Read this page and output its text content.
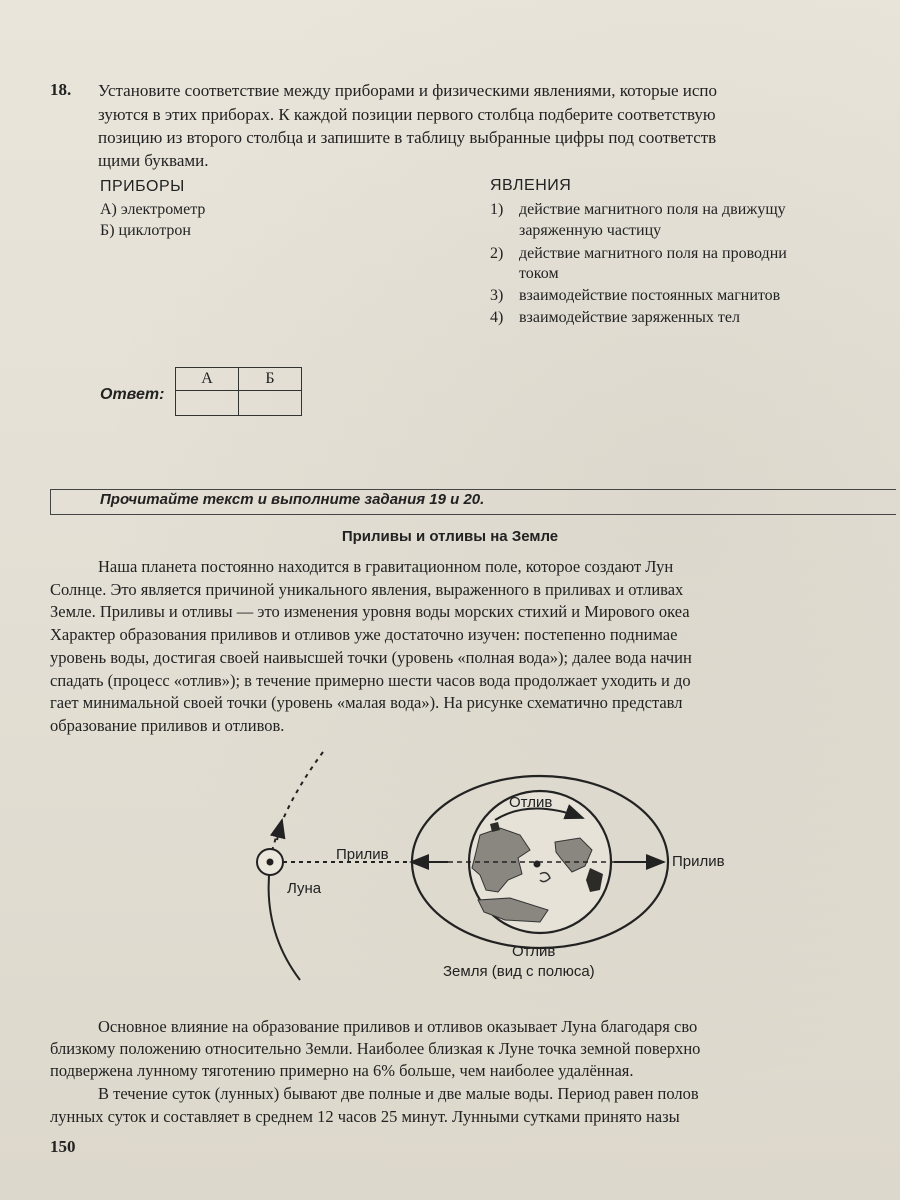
18. Установите соответствие между приборами и физическими явлениями, которые испо
зуются в этих приборах. К каждой позиции первого столбца подберите соответствую
позицию из второго столбца и запишите в таблицу выбранные цифры под соответств
щими буквами.
ПРИБОРЫ
А) электрометр
Б) циклотрон
ЯВЛЕНИЯ
1) действие магнитного поля на движущу
заряженную частицу
2) действие магнитного поля на проводни
током
3) взаимодействие постоянных магнитов
4) взаимодействие заряженных тел
Ответ:
А	Б

Прочитайте текст и выполните задания 19 и 20.
Приливы и отливы на Земле
Наша планета постоянно находится в гравитационном поле, которое создают Лун
Солнце. Это является причиной уникального явления, выраженного в приливах и отливах
Земле. Приливы и отливы — это изменения уровня воды морских стихий и Мирового океа
Характер образования приливов и отливов уже достаточно изучен: постепенно поднимае
уровень воды, достигая своей наивысшей точки (уровень «полная вода»); далее вода начин
спадать (процесс «отлив»); в течение примерно шести часов вода продолжает уходить и до
гает минимальной своей точки (уровень «малая вода»). На рисунке схематично представл
образование приливов и отливов.
Отлив
Прилив	Прилив
Луна
Отлив
Земля (вид с полюса)
Основное влияние на образование приливов и отливов оказывает Луна благодаря сво
близкому положению относительно Земли. Наиболее близкая к Луне точка земной поверхно
подвержена лунному тяготению примерно на 6% больше, чем наиболее удалённая.
В течение суток (лунных) бывают две полные и две малые воды. Период равен полов
лунных суток и составляет в среднем 12 часов 25 минут. Лунными сутками принято назы
150
